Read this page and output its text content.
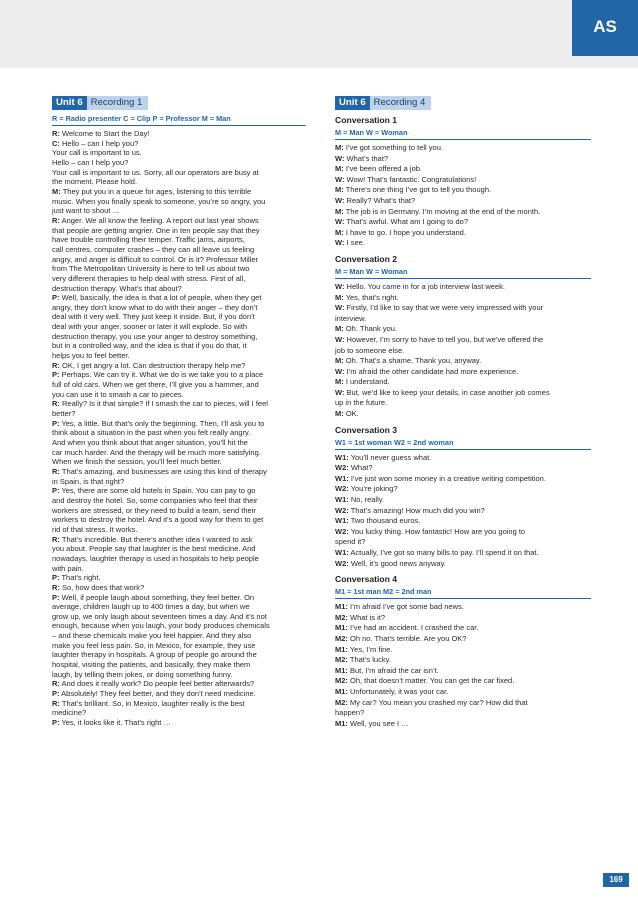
AS
Unit 6 Recording 1
R = Radio presenter C = Clip P = Professor M = Man

R: Welcome to Start the Day!

C: Hello – can I help you?

Your call is important to us.

Hello – can I help you?

Your call is important to us. Sorry, all our operators are busy at

the moment. Please hold.

M: They put you in a queue for ages, listening to this terrible

music. When you finally speak to someone, you’re so angry, you

just want to shout …

R: Anger. We all know the feeling. A report out last year shows

that people are getting angrier. One in ten people say that they

have trouble controlling their temper. Traffic jams, airports,

call centres, computer crashes – they can all leave us feeling

angry, and anger is difficult to control. Or is it? Professor Miller

from The Metropolitan University is here to tell us about two

very different therapies to help deal with stress. First of all,

destruction therapy. What’s that about?

P: Well, basically, the idea is that a lot of people, when they get

angry, they don’t know what to do with their anger – they don’t

deal with it very well. They just keep it inside. But, if you don’t

deal with your anger, sooner or later it will explode. So with

destruction therapy, you use your anger to destroy something,

but in a controlled way, and the idea is that if you do that, it

helps you to feel better.

R: OK, I get angry a lot. Can destruction therapy help me?

P: Perhaps. We can try it. What we do is we take you to a place

full of old cars. When we get there, I’ll give you a hammer, and

you can use it to smash a car to pieces.

R: Really? Is it that simple? If I smash the car to pieces, will I feel

better?

P: Yes, a little. But that’s only the beginning. Then, I’ll ask you to

think about a situation in the past when you felt really angry.

And when you think about that anger situation, you’ll hit the

car much harder. And the therapy will be much more satisfying.

When we finish the session, you’ll feel much better.

R: That’s amazing, and businesses are using this kind of therapy

in Spain, is that right?

P: Yes, there are some old hotels in Spain. You can pay to go

and destroy the hotel. So, some companies who feel that their

workers are stressed, or they need to build a team, send their

workers to destroy the hotel. And it’s a good way for them to get

rid of that stress. It works.

R: That’s incredible. But there’s another idea I wanted to ask

you about. People say that laughter is the best medicine. And

nowadays, laughter therapy is used in hospitals to help people

with pain.

P: That’s right.

R: So, how does that work?

P: Well, if people laugh about something, they feel better. On

average, children laugh up to 400 times a day, but when we

grow up, we only laugh about seventeen times a day. And it’s not

enough, because when you laugh, your body produces chemicals

– and these chemicals make you feel happier. And they also

make you feel less pain. So, in Mexico, for example, they use

laughter therapy in hospitals. A group of people go around the

hospital, visiting the patients, and basically, they make them

laugh, by telling them jokes, or doing something funny.

R: And does it really work? Do people feel better afterwards?

P: Absolutely! They feel better, and they don’t need medicine.

R: That’s brilliant. So, in Mexico, laughter really is the best

medicine?

P: Yes, it looks like it. That’s right …

Unit 6 Recording 4
Conversation 1
M = Man W = Woman

M: I’ve got something to tell you.

W: What’s that?

M: I’ve been offered a job.

W: Wow! That’s fantastic. Congratulations!

M: There’s one thing I’ve got to tell you though.

W: Really? What’s that?

M: The job is in Germany. I’m moving at the end of the month.

W: That’s awful. What am I going to do?

M: I have to go. I hope you understand.

W: I see.

Conversation 2
M = Man W = Woman

W: Hello. You came in for a job interview last week.

M: Yes, that’s right.

W: Firstly, I’d like to say that we were very impressed with your

interview.

M: Oh. Thank you.

W: However, I’m sorry to have to tell you, but we’ve offered the

job to someone else.

M: Oh. That’s a shame. Thank you, anyway.

W: I’m afraid the other candidate had more experience.

M: I understand.

W: But, we’d like to keep your details, in case another job comes

up in the future.

M: OK.

Conversation 3
W1 = 1st woman W2 = 2nd woman

W1: You’ll never guess what.

W2: What?

W1: I’ve just won some money in a creative writing competition.

W2: You’re joking?

W1: No, really.

W2: That’s amazing! How much did you win?

W1: Two thousand euros.

W2: You lucky thing. How fantastic! How are you going to

spend it?

W1: Actually, I’ve got so many bills to pay. I’ll spend it on that.

W2: Well, it’s good news anyway.

Conversation 4
M1 = 1st man M2 = 2nd man

M1: I’m afraid I’ve got some bad news.

M2: What is it?

M1: I’ve had an accident. I crashed the car.

M2: Oh no. That’s terrible. Are you OK?

M1: Yes, I’m fine.

M2: That’s lucky.

M1: But, I’m afraid the car isn’t.

M2: Oh, that doesn’t matter. You can get the car fixed.

M1: Unfortunately, it was your car.

M2: My car? You mean you crashed my car? How did that

happen?

M1: Well, you see I …

169
